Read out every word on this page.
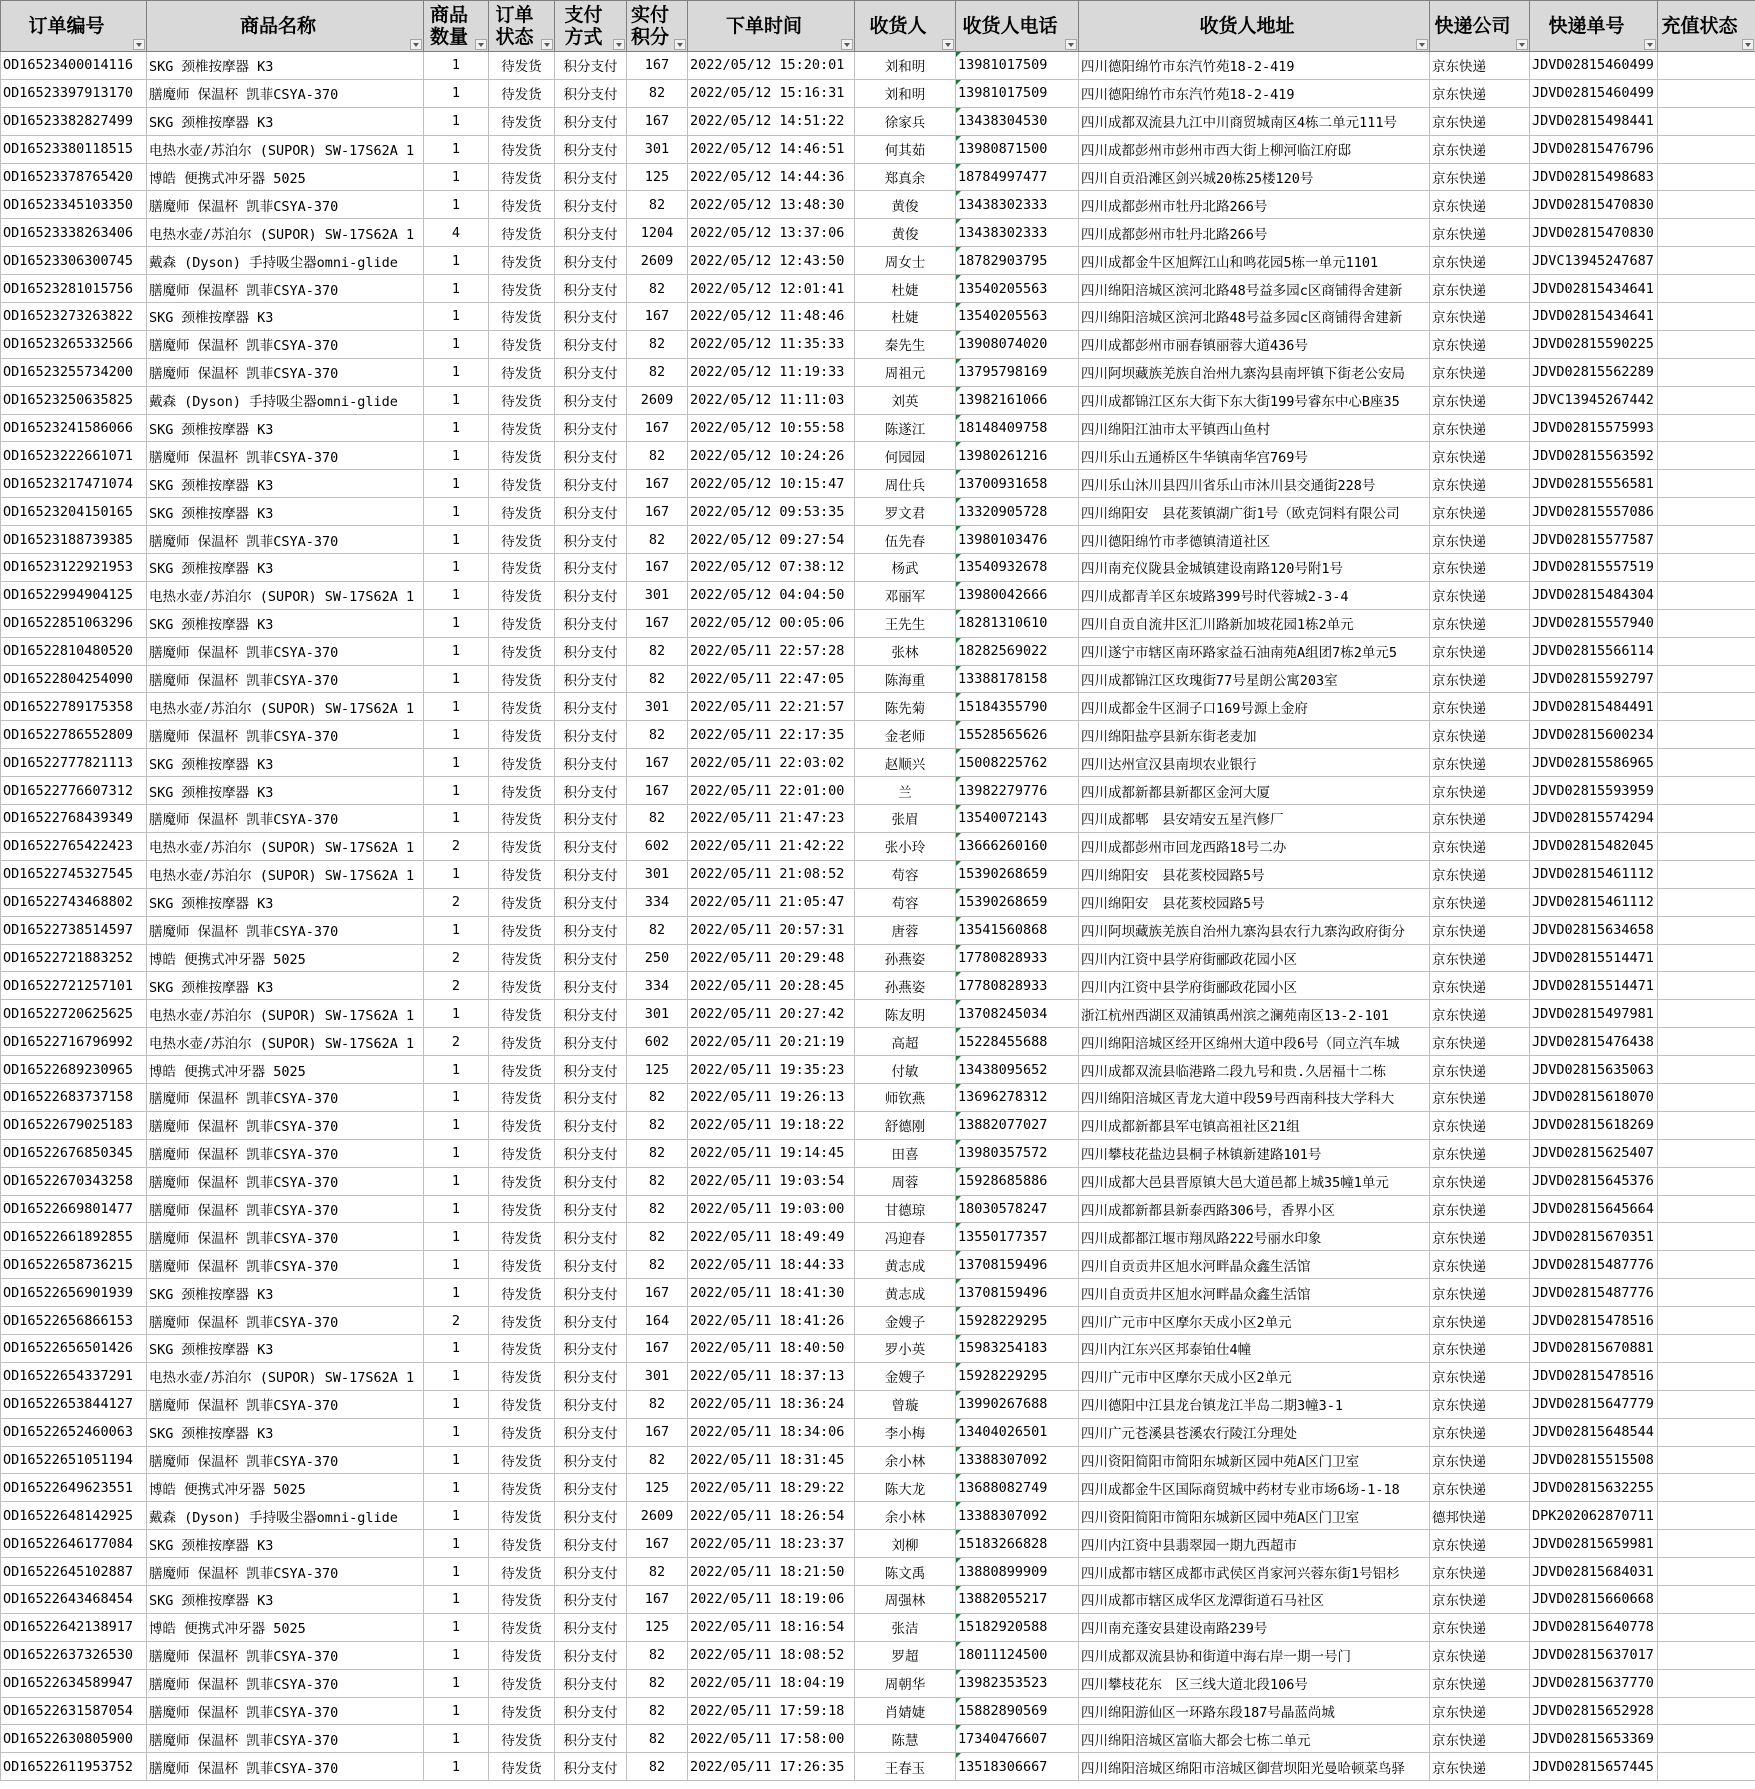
订单编号	商品名称	商品数量	订单状态	支付方式	实付积分	下单时间	收货人	收货人电话	收货人地址	快递公司	快递单号	充值状态

OD16523400014116	SKG 颈椎按摩器 K3	1	待发货	积分支付	167	2022/05/12 15:20:01	刘和明	13981017509	四川德阳绵竹市东汽竹苑18-2-419	京东快递	JDVD02815460499	
OD16523397913170	膳魔师 保温杯 凯菲CSYA-370	1	待发货	积分支付	82	2022/05/12 15:16:31	刘和明	13981017509	四川德阳绵竹市东汽竹苑18-2-419	京东快递	JDVD02815460499	
OD16523382827499	SKG 颈椎按摩器 K3	1	待发货	积分支付	167	2022/05/12 14:51:22	徐家兵	13438304530	四川成都双流县九江中川商贸城南区4栋二单元111号	京东快递	JDVD02815498441	
OD16523380118515	电热水壶/苏泊尔 (SUPOR) SW-17S62A 1	1	待发货	积分支付	301	2022/05/12 14:46:51	何其茹	13980871500	四川成都彭州市彭州市西大街上柳河临江府邸	京东快递	JDVD02815476796	
OD16523378765420	博皓 便携式冲牙器 5025	1	待发货	积分支付	125	2022/05/12 14:44:36	郑真余	18784997477	四川自贡沿滩区剑兴城20栋25楼120号	京东快递	JDVD02815498683	
OD16523345103350	膳魔师 保温杯 凯菲CSYA-370	1	待发货	积分支付	82	2022/05/12 13:48:30	黄俊	13438302333	四川成都彭州市牡丹北路266号	京东快递	JDVD02815470830	
OD16523338263406	电热水壶/苏泊尔 (SUPOR) SW-17S62A 1	4	待发货	积分支付	1204	2022/05/12 13:37:06	黄俊	13438302333	四川成都彭州市牡丹北路266号	京东快递	JDVD02815470830	
OD16523306300745	戴森 (Dyson) 手持吸尘器omni-glide	1	待发货	积分支付	2609	2022/05/12 12:43:50	周女士	18782903795	四川成都金牛区旭辉江山和鸣花园5栋一单元1101	京东快递	JDVC13945247687	
OD16523281015756	膳魔师 保温杯 凯菲CSYA-370	1	待发货	积分支付	82	2022/05/12 12:01:41	杜婕	13540205563	四川绵阳涪城区滨河北路48号益多园c区商铺得舍建新	京东快递	JDVD02815434641	
OD16523273263822	SKG 颈椎按摩器 K3	1	待发货	积分支付	167	2022/05/12 11:48:46	杜婕	13540205563	四川绵阳涪城区滨河北路48号益多园c区商铺得舍建新	京东快递	JDVD02815434641	
OD16523265332566	膳魔师 保温杯 凯菲CSYA-370	1	待发货	积分支付	82	2022/05/12 11:35:33	秦先生	13908074020	四川成都彭州市丽春镇丽蓉大道436号	京东快递	JDVD02815590225	
OD16523255734200	膳魔师 保温杯 凯菲CSYA-370	1	待发货	积分支付	82	2022/05/12 11:19:33	周祖元	13795798169	四川阿坝藏族羌族自治州九寨沟县南坪镇下街老公安局	京东快递	JDVD02815562289	
OD16523250635825	戴森 (Dyson) 手持吸尘器omni-glide	1	待发货	积分支付	2609	2022/05/12 11:11:03	刘英	13982161066	四川成都锦江区东大街下东大街199号睿东中心B座35	京东快递	JDVC13945267442	
OD16523241586066	SKG 颈椎按摩器 K3	1	待发货	积分支付	167	2022/05/12 10:55:58	陈遂江	18148409758	四川绵阳江油市太平镇西山鱼村	京东快递	JDVD02815575993	
OD16523222661071	膳魔师 保温杯 凯菲CSYA-370	1	待发货	积分支付	82	2022/05/12 10:24:26	何园园	13980261216	四川乐山五通桥区牛华镇南华宫769号	京东快递	JDVD02815563592	
OD16523217471074	SKG 颈椎按摩器 K3	1	待发货	积分支付	167	2022/05/12 10:15:47	周仕兵	13700931658	四川乐山沐川县四川省乐山市沐川县交通街228号	京东快递	JDVD02815556581	
OD16523204150165	SKG 颈椎按摩器 K3	1	待发货	积分支付	167	2022/05/12 09:53:35	罗文君	13320905728	四川绵阳安　县花荄镇湖广街1号（欧克饲料有限公司	京东快递	JDVD02815557086	
OD16523188739385	膳魔师 保温杯 凯菲CSYA-370	1	待发货	积分支付	82	2022/05/12 09:27:54	伍先春	13980103476	四川德阳绵竹市孝德镇清道社区	京东快递	JDVD02815577587	
OD16523122921953	SKG 颈椎按摩器 K3	1	待发货	积分支付	167	2022/05/12 07:38:12	杨武	13540932678	四川南充仪陇县金城镇建设南路120号附1号	京东快递	JDVD02815557519	
OD16522994904125	电热水壶/苏泊尔 (SUPOR) SW-17S62A 1	1	待发货	积分支付	301	2022/05/12 04:04:50	邓丽军	13980042666	四川成都青羊区东坡路399号时代蓉城2-3-4	京东快递	JDVD02815484304	
OD16522851063296	SKG 颈椎按摩器 K3	1	待发货	积分支付	167	2022/05/12 00:05:06	王先生	18281310610	四川自贡自流井区汇川路新加坡花园1栋2单元	京东快递	JDVD02815557940	
OD16522810480520	膳魔师 保温杯 凯菲CSYA-370	1	待发货	积分支付	82	2022/05/11 22:57:28	张林	18282569022	四川遂宁市辖区南环路家益石油南苑A组团7栋2单元5	京东快递	JDVD02815566114	
OD16522804254090	膳魔师 保温杯 凯菲CSYA-370	1	待发货	积分支付	82	2022/05/11 22:47:05	陈海重	13388178158	四川成都锦江区玫瑰街77号星朗公寓203室	京东快递	JDVD02815592797	
OD16522789175358	电热水壶/苏泊尔 (SUPOR) SW-17S62A 1	1	待发货	积分支付	301	2022/05/11 22:21:57	陈先菊	15184355790	四川成都金牛区洞子口169号源上金府	京东快递	JDVD02815484491	
OD16522786552809	膳魔师 保温杯 凯菲CSYA-370	1	待发货	积分支付	82	2022/05/11 22:17:35	金老师	15528565626	四川绵阳盐亭县新东街老麦加	京东快递	JDVD02815600234	
OD16522777821113	SKG 颈椎按摩器 K3	1	待发货	积分支付	167	2022/05/11 22:03:02	赵顺兴	15008225762	四川达州宣汉县南坝农业银行	京东快递	JDVD02815586965	
OD16522776607312	SKG 颈椎按摩器 K3	1	待发货	积分支付	167	2022/05/11 22:01:00	兰	13982279776	四川成都新都县新都区金河大厦	京东快递	JDVD02815593959	
OD16522768439349	膳魔师 保温杯 凯菲CSYA-370	1	待发货	积分支付	82	2022/05/11 21:47:23	张眉	13540072143	四川成都郫　县安靖安五星汽修厂	京东快递	JDVD02815574294	
OD16522765422423	电热水壶/苏泊尔 (SUPOR) SW-17S62A 1	2	待发货	积分支付	602	2022/05/11 21:42:22	张小玲	13666260160	四川成都彭州市回龙西路18号二办	京东快递	JDVD02815482045	
OD16522745327545	电热水壶/苏泊尔 (SUPOR) SW-17S62A 1	1	待发货	积分支付	301	2022/05/11 21:08:52	苟容	15390268659	四川绵阳安　县花荄校园路5号	京东快递	JDVD02815461112	
OD16522743468802	SKG 颈椎按摩器 K3	2	待发货	积分支付	334	2022/05/11 21:05:47	苟容	15390268659	四川绵阳安　县花荄校园路5号	京东快递	JDVD02815461112	
OD16522738514597	膳魔师 保温杯 凯菲CSYA-370	1	待发货	积分支付	82	2022/05/11 20:57:31	唐蓉	13541560868	四川阿坝藏族羌族自治州九寨沟县农行九寨沟政府街分	京东快递	JDVD02815634658	
OD16522721883252	博皓 便携式冲牙器 5025	2	待发货	积分支付	250	2022/05/11 20:29:48	孙燕姿	17780828933	四川内江资中县学府街郦政花园小区	京东快递	JDVD02815514471	
OD16522721257101	SKG 颈椎按摩器 K3	2	待发货	积分支付	334	2022/05/11 20:28:45	孙燕姿	17780828933	四川内江资中县学府街郦政花园小区	京东快递	JDVD02815514471	
OD16522720625625	电热水壶/苏泊尔 (SUPOR) SW-17S62A 1	1	待发货	积分支付	301	2022/05/11 20:27:42	陈友明	13708245034	浙江杭州西湖区双浦镇禹州滨之澜苑南区13-2-101	京东快递	JDVD02815497981	
OD16522716796992	电热水壶/苏泊尔 (SUPOR) SW-17S62A 1	2	待发货	积分支付	602	2022/05/11 20:21:19	高超	15228455688	四川绵阳涪城区经开区绵州大道中段6号（同立汽车城	京东快递	JDVD02815476438	
OD16522689230965	博皓 便携式冲牙器 5025	1	待发货	积分支付	125	2022/05/11 19:35:23	付敏	13438095652	四川成都双流县临港路二段九号和贵.久居福十二栋	京东快递	JDVD02815635063	
OD16522683737158	膳魔师 保温杯 凯菲CSYA-370	1	待发货	积分支付	82	2022/05/11 19:26:13	师钦燕	13696278312	四川绵阳涪城区青龙大道中段59号西南科技大学科大	京东快递	JDVD02815618070	
OD16522679025183	膳魔师 保温杯 凯菲CSYA-370	1	待发货	积分支付	82	2022/05/11 19:18:22	舒德刚	13882077027	四川成都新都县军屯镇高祖社区21组	京东快递	JDVD02815618269	
OD16522676850345	膳魔师 保温杯 凯菲CSYA-370	1	待发货	积分支付	82	2022/05/11 19:14:45	田喜	13980357572	四川攀枝花盐边县桐子林镇新建路101号	京东快递	JDVD02815625407	
OD16522670343258	膳魔师 保温杯 凯菲CSYA-370	1	待发货	积分支付	82	2022/05/11 19:03:54	周蓉	15928685886	四川成都大邑县晋原镇大邑大道邑都上城35幢1单元	京东快递	JDVD02815645376	
OD16522669801477	膳魔师 保温杯 凯菲CSYA-370	1	待发货	积分支付	82	2022/05/11 19:03:00	甘德琼	18030578247	四川成都新都县新泰西路306号，香界小区	京东快递	JDVD02815645664	
OD16522661892855	膳魔师 保温杯 凯菲CSYA-370	1	待发货	积分支付	82	2022/05/11 18:49:49	冯迎春	13550177357	四川成都都江堰市翔凤路222号丽水印象	京东快递	JDVD02815670351	
OD16522658736215	膳魔师 保温杯 凯菲CSYA-370	1	待发货	积分支付	82	2022/05/11 18:44:33	黄志成	13708159496	四川自贡贡井区旭水河畔晶众鑫生活馆	京东快递	JDVD02815487776	
OD16522656901939	SKG 颈椎按摩器 K3	1	待发货	积分支付	167	2022/05/11 18:41:30	黄志成	13708159496	四川自贡贡井区旭水河畔晶众鑫生活馆	京东快递	JDVD02815487776	
OD16522656866153	膳魔师 保温杯 凯菲CSYA-370	2	待发货	积分支付	164	2022/05/11 18:41:26	金嫂子	15928229295	四川广元市中区摩尔天成小区2单元	京东快递	JDVD02815478516	
OD16522656501426	SKG 颈椎按摩器 K3	1	待发货	积分支付	167	2022/05/11 18:40:50	罗小英	15983254183	四川内江东兴区邦泰铂仕4幢	京东快递	JDVD02815670881	
OD16522654337291	电热水壶/苏泊尔 (SUPOR) SW-17S62A 1	1	待发货	积分支付	301	2022/05/11 18:37:13	金嫂子	15928229295	四川广元市中区摩尔天成小区2单元	京东快递	JDVD02815478516	
OD16522653844127	膳魔师 保温杯 凯菲CSYA-370	1	待发货	积分支付	82	2022/05/11 18:36:24	曾璇	13990267688	四川德阳中江县龙台镇龙江半岛二期3幢3-1	京东快递	JDVD02815647779	
OD16522652460063	SKG 颈椎按摩器 K3	1	待发货	积分支付	167	2022/05/11 18:34:06	李小梅	13404026501	四川广元苍溪县苍溪农行陵江分理处	京东快递	JDVD02815648544	
OD16522651051194	膳魔师 保温杯 凯菲CSYA-370	1	待发货	积分支付	82	2022/05/11 18:31:45	余小林	13388307092	四川资阳简阳市简阳东城新区园中苑A区门卫室	京东快递	JDVD02815515508	
OD16522649623551	博皓 便携式冲牙器 5025	1	待发货	积分支付	125	2022/05/11 18:29:22	陈大龙	13688082749	四川成都金牛区国际商贸城中药材专业市场6场-1-18	京东快递	JDVD02815632255	
OD16522648142925	戴森 (Dyson) 手持吸尘器omni-glide	1	待发货	积分支付	2609	2022/05/11 18:26:54	余小林	13388307092	四川资阳简阳市简阳东城新区园中苑A区门卫室	德邦快递	DPK202062870711	
OD16522646177084	SKG 颈椎按摩器 K3	1	待发货	积分支付	167	2022/05/11 18:23:37	刘柳	15183266828	四川内江资中县翡翠园一期九西超市	京东快递	JDVD02815659981	
OD16522645102887	膳魔师 保温杯 凯菲CSYA-370	1	待发货	积分支付	82	2022/05/11 18:21:50	陈文禹	13880899909	四川成都市辖区成都市武侯区肖家河兴蓉东街1号铝杉	京东快递	JDVD02815684031	
OD16522643468454	SKG 颈椎按摩器 K3	1	待发货	积分支付	167	2022/05/11 18:19:06	周强林	13882055217	四川成都市辖区成华区龙潭街道石马社区	京东快递	JDVD02815660668	
OD16522642138917	博皓 便携式冲牙器 5025	1	待发货	积分支付	125	2022/05/11 18:16:54	张洁	15182920588	四川南充蓬安县建设南路239号	京东快递	JDVD02815640778	
OD16522637326530	膳魔师 保温杯 凯菲CSYA-370	1	待发货	积分支付	82	2022/05/11 18:08:52	罗超	18011124500	四川成都双流县协和街道中海右岸一期一号门	京东快递	JDVD02815637017	
OD16522634589947	膳魔师 保温杯 凯菲CSYA-370	1	待发货	积分支付	82	2022/05/11 18:04:19	周朝华	13982353523	四川攀枝花东　区三线大道北段106号	京东快递	JDVD02815637770	
OD16522631587054	膳魔师 保温杯 凯菲CSYA-370	1	待发货	积分支付	82	2022/05/11 17:59:18	肖婧婕	15882890569	四川绵阳游仙区一环路东段187号晶蓝尚城	京东快递	JDVD02815652928	
OD16522630805900	膳魔师 保温杯 凯菲CSYA-370	1	待发货	积分支付	82	2022/05/11 17:58:00	陈慧	17340476607	四川绵阳涪城区富临大都会七栋二单元	京东快递	JDVD02815653369	
OD16522611953752	膳魔师 保温杯 凯菲CSYA-370	1	待发货	积分支付	82	2022/05/11 17:26:35	王春玉	13518306667	四川绵阳涪城区绵阳市涪城区御营坝阳光曼哈顿菜鸟驿	京东快递	JDVD02815657445	
